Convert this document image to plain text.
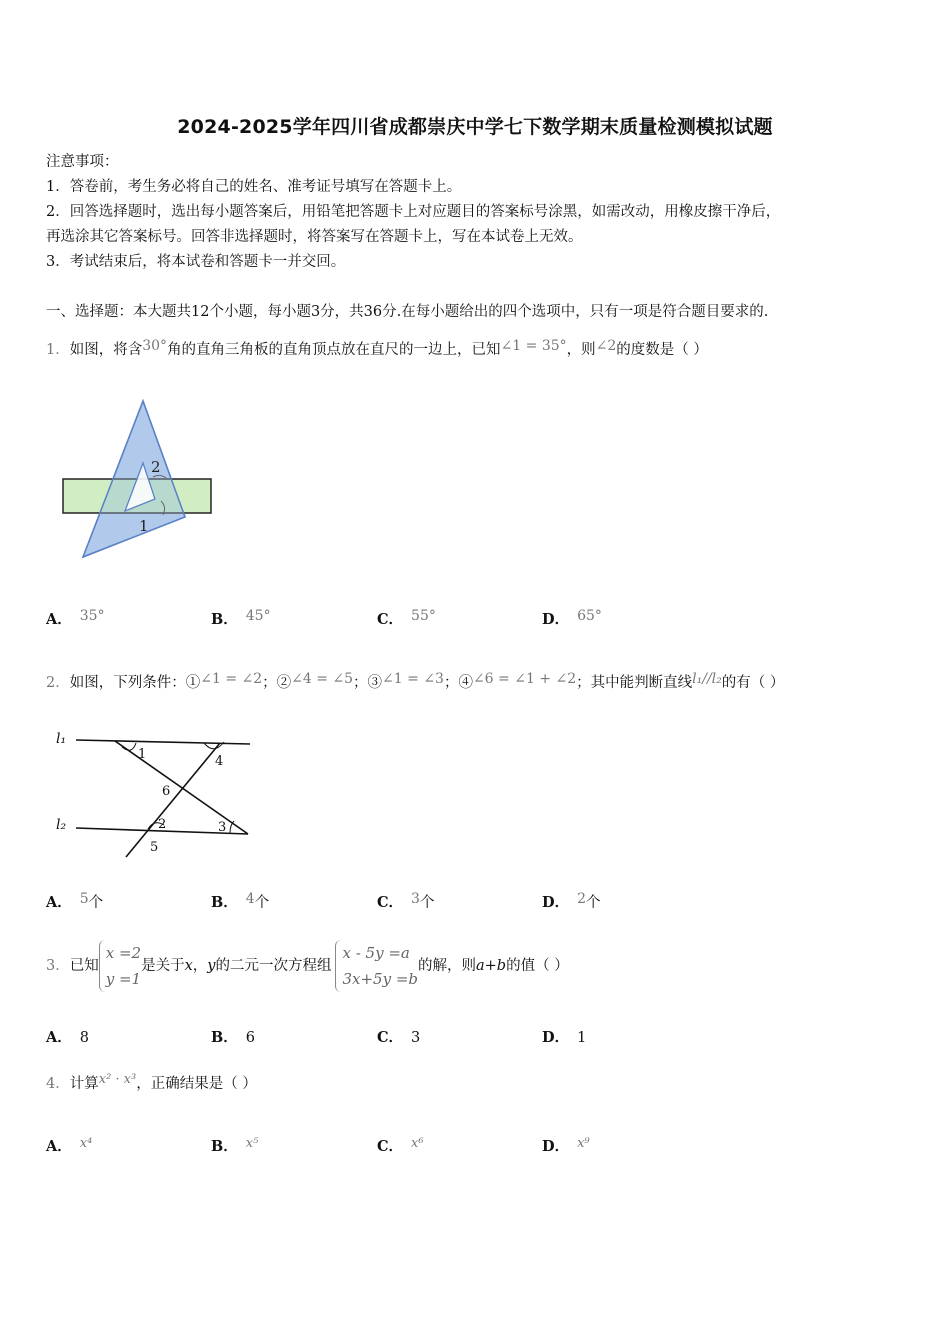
2024-2025学年四川省成都崇庆中学七下数学期末质量检测模拟试题
注意事项：
1．答卷前，考生务必将自己的姓名、准考证号填写在答题卡上。
2．回答选择题时，选出每小题答案后，用铅笔把答题卡上对应题目的答案标号涂黑，如需改动，用橡皮擦干净后，
再选涂其它答案标号。回答非选择题时，将答案写在答题卡上，写在本试卷上无效。
3．考试结束后，将本试卷和答题卡一并交回。
一、选择题：本大题共12个小题，每小题3分，共36分.在每小题给出的四个选项中，只有一项是符合题目要求的.
1．如图，将含30°角的直角三角板的直角顶点放在直尺的一边上，已知∠1 = 35°，则∠2的度数是（ ）
2
1
A． 35°	B． 45°	C． 55°	D． 65°
2．如图，下列条件：①∠1 = ∠2；②∠4 = ∠5；③∠1 = ∠3；④∠6 = ∠1 + ∠2；其中能判断直线l₁//l₂的有（ ）
l₁
l₂
1	4
6
2	3
5
A． 5个	B． 4个	C． 3个	D． 2个
3．已知x =2
y =1是关于x，y的二元一次方程组x - 5y =a
3x+5y =b的解，则a+b的值（ ）
A． 8	B． 6	C． 3	D． 1
4．计算x² · x³，正确结果是（ ）
A． x⁴	B． x⁵	C． x⁶	D． x⁹
